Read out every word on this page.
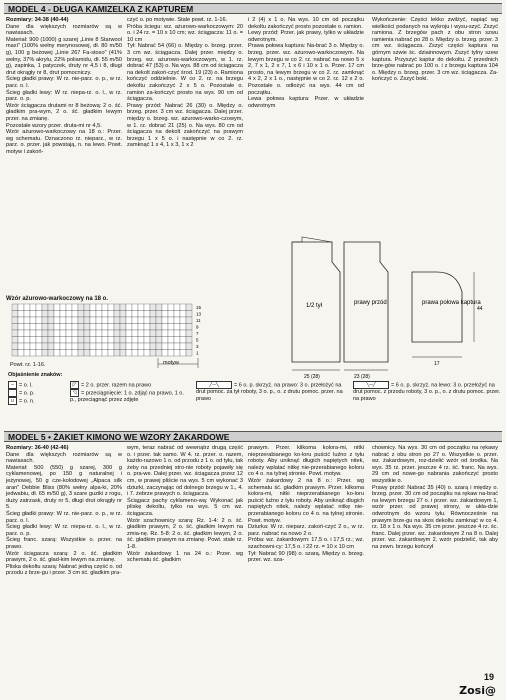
MODEL 4 - DŁUGA KAMIZELKA Z KAPTUREM

Rozmiary: 34-38 (40-44)

Dane dla większych rozmiarów są w nawiasach.

Materiał: 900 (1000) g szarej „Linie 8 Starwool maxi" (100% wełny merynosowej, dł. 80 m/50 g), 100 g beżowej „Linie 267 Fa-stoso" (41% wełny, 37% akrylu, 22% poliamidu, dł. 55 m/50 g), zapinka, 1 patyczek, druty nr 4,5 i 8, długi drut okrągły nr 8, drut pomocniczy.

Ścieg gładki prawy: W rz. nie-parz. o. p., w rz. parz. o. l.

Ścieg gładki lewy: W rz. niepa-rz. o. l., w rz. parz. o. p.

Wzór ściągacza drutami nr 8 beżową: 2 o. ść. gładkim pra-wym, 2 o. ść. gładkim lewym przer. na zmianę.

Pozostałe wzory przer. druta-mi nr 4,5.

Wzór ażurowo-warkoczowy na 18 o.: Przer. wg schematu. Oznaczono rz. nieparz., w rz. parz. o. przer. jak powstają, n. na lewo. Powt. motyw i zakoń-

czyć o. po motywie. Stale powt. rz. 1-16.

Próba ściegu: wz. ażurowo-warkoczowym: 20 o. i 24 rz. = 10 x 10 cm; wz. ściągacza: 11 o. = 10 cm

Tył: Nabrać 54 (66) o. Między o. brzeg. przer. 3 cm wz. ściągacza. Dalej przer. między o. brzeg. wz. ażurowo-warkoczowym, w 1. rz. dobrać 47 (53) o. Na wys. 88 cm od ściągacza na dekolt zakoń-czyć środ. 19 (23) o. Ramiona kończyć oddzielnie. W co 2. rz. na brzegu dekoltu zakończyć 2 x 5 o. Pozostałe o. ramion za-kończyć prosto na wys. 90 cm od ściągacza.

Prawy przód: Nabrać 26 (30) o. Między o. brzeg. przer. 3 cm wz. ściągacza. Dalej przer. między o. brzeg. wz. ażurowo-warko-czowym, w 1. rz. dobrać 21 (25) o. Na wys. 80 cm od ściągacza na dekolt zakończyć na prawym brzegu 1 x 5 o. i następnie w co 2. rz. zamknąć 1 x 4, 1 x 3, 1 x 2

i 2 (4) x 1 o. Na wys. 10 cm od początku dekoltu zakończyć prosto pozostałe o. ramion.

Lewy przód: Przer. jak prawy, tylko w układzie odwrotnym.

Prawa połowa kaptura: Na-brać 3 o. Między o. brzeg. przer. wz. ażurowo-warkoczowym. Na lewym brzegu w co 2. rz. nabrać na nowo 5 x 2, 7 x 1, 2 x 7, 1 x 6 i 10 x 1 o. Przer. 17 cm prosto, na lewym brzegu w co 2. rz. zamknąć 4 x 2, 2 x 1 o., następnie w co 2. rz. 12 x 2 o. Pozostałe o. odłożyć na wys. 44 cm od początku.

Lewa połowa kaptura: Przer. w układzie odwrotnym

Wykończenie: Części lekko zwilżyć, napiąć wg wielkości podanych na wykroju i wysu-szyć. Zszyć ramiona. Z brzegów pach z obu stron szwu ramienia nabrać po 28 o. Między o. brzeg. przer. 3 cm wz. ściągacza. Zszyć części kaptura na górnym szwie śc. dziainnowym. Zszyć tylny szew kaptura. Przyszyć kaptur do dekoltu. Z przednich brze-gów nabrać po 100 o. i z brzegu kaptura 104 o. Między o. brzeg. przer. 3 cm wz. ściągacza. Za-kończyć o. Zszyć boki.

Wzór ażurowo-warkoczowy na 18 o.
15
13
11
9
7
5
3
1
Powt. rz. 1-16.	motyw
1/2 tył	prawy przód
25 (28)	23 (28)
prawa połowa kaptura
44
17
Objaśnienie znaków:
– = o. l.
= o. p.
∪ = o. n.
◸ = 2 o. przer. razem na prawo
◹ = przeciągnięcie: 1 o. zdjąć na prawo, 1 o. p., przeciągnąć przez zdjęte
╱─╲	= 6 o. p. skrzyż. na prawo: 3 o. przełożyć na drut pomoc. za tył roboty, 3 o. p., o. z drutu pomoc. przer. na prawo
╲─╱	= 6 o. p. skrzyż. na lewo: 3 o. przełożyć na drut pomoc. z przodu roboty, 3 o. p., o. z drutu pomoc. przer. na prawo
MODEL 5 • ŻAKIET KIMONO WE WZORY ŻAKARDOWE

Rozmiary: 36-40 (42-46)

Dane dla większych rozmiarów są w nawiasach.

Materiał: 500 (550) g szarej, 300 g cyklamenowej, po 150 g naturalnej i jeżynowej, 50 g cze-kolodowej „Alpaca silk aran" Debbie Bliss (80% wełny alpa-ki, 20% jedwabiu, dł. 65 m/50 g), 3 szare guziki z rogu, duży zatrzask, druty nr 5, długi drut okrągły nr 5.

Ścieg gładki prawy: W rz. nie-parz. o. p., w rz. parz. o. l.

Ścieg gładki lewy: W rz. niepa-rz. o. l., w rz. parz. o. p.

Ścieg franc. szarą: Wszystkie o. przer. na prawo.

Wzór ściągacza szarą: 2 o. ść. gładkim prawym, 2 o. ść. gład-kim lewym na zmianę.

Pliska dekoltu szarą: Nabrać jedną część o. od przodu z brze-gu i przer. 3 cm ść. gładkim pra-

wym, teraz nabrać od wewnątrz drugą część o. i przer. tak samo. W 4. rz. przer. o. razem, każdo-razowo 1 o. od przodu z 1 o. od tyłu, tak żeby na przedniej stro-nie roboty pojawiły się o. pra-we. Dalej przer. wz. ściągacza przez 12 cm, w prawej pliście na wys. 5 cm wykonać 3 dziurki, zaczynając od dolnego brzegu w 1., 4. i 7. żebrze prawych o. ściągacza.

Ściągacz pachy cyklameno-wą: Wykonać jak pliskę dekoltu, tylko na wys. 5 cm wz. ściągacza.

Wzór szachownicy szarą: Rz. 1-4: 2 o. ść. gładkim prawym, 2 o. ść. gładkim lewym na zmia-nę. Rz. 5-8: 2 o. ść. gładkim lewym, 2 o. ść. gładkim prawym na zmianę. Powt. stale rz. 1-8.

Wzór żakardowy 1 na 24 o.: Przer. wg schematu ść. gładkim

prawym. Przer. kilkoma kolora-mi, nitki nieprzerabianego ko-loru puścić luźno z tyłu roboty. Aby uniknąć długich napiętych nitek, należy wplatać nitkę nie-przerabianego koloru co 4 o. na tylnej stronie. Powt. motyw.

Wzór żakardowy 2 na 8 o.: Przer. wg schematu ść. gładkim prawym. Przer. kilkoma kolora-mi, nitki nieprzerabianego ko-loru puścić luźno z tyłu roboty. Aby uniknąć długich napiętych nitek, należy wplatać nitkę nie-przerabianego koloru co 4 o. na tylnej stronie. Powt. motyw.

Dziurka: W rz. nieparz. zakoń-czyć 2 o., w rz. parz. nabrać na nowo 2 o.

Próba: wz. żakardowym: 17,5 o. i 17,5 rz.; wz. szachowni-cy: 17,5 o. i 22 rz. = 10 x 10 cm

Tył: Nabrać 90 (98) o. szarą. Między o. brzeg. przer. wz. sza-

chownicy. Na wys. 30 cm od początku na rękawy nabrać z obu stron po 27 o. Wszystkie o. przer. wz. żakardowym, roz-dzielić wzór od środka. Na wys. 35 rz. przer. jeszcze 4 rz. ść. franc. Na wys. 29 cm od nowe-go nabrania zakończyć prosto wszystkie o.

Prawy przód: Nabrać 35 (40) o. szarą i między o. brzeg. przer. 30 cm od początku na rękaw na-brać na lewym brzegu 27 o. i przer. wz. żakardowym 1, wzór przer. od prawej strony, w ukła-dzie odwrotnym do wzoru tyłu. Równocześnie na prawym brze-gu na skos dekoltu zamknąć w co 4. rz. 18 x 1 o. Na wys. 35 cm przer. jeszcze 4 rz. śc. franc. Dalej przer. wz. żakardowym 2 na 8 o. Dalej przer. wz. żakardowym 2, wzór podzielić, tak aby na zewn. brzegu kończył

19
Zosi@
